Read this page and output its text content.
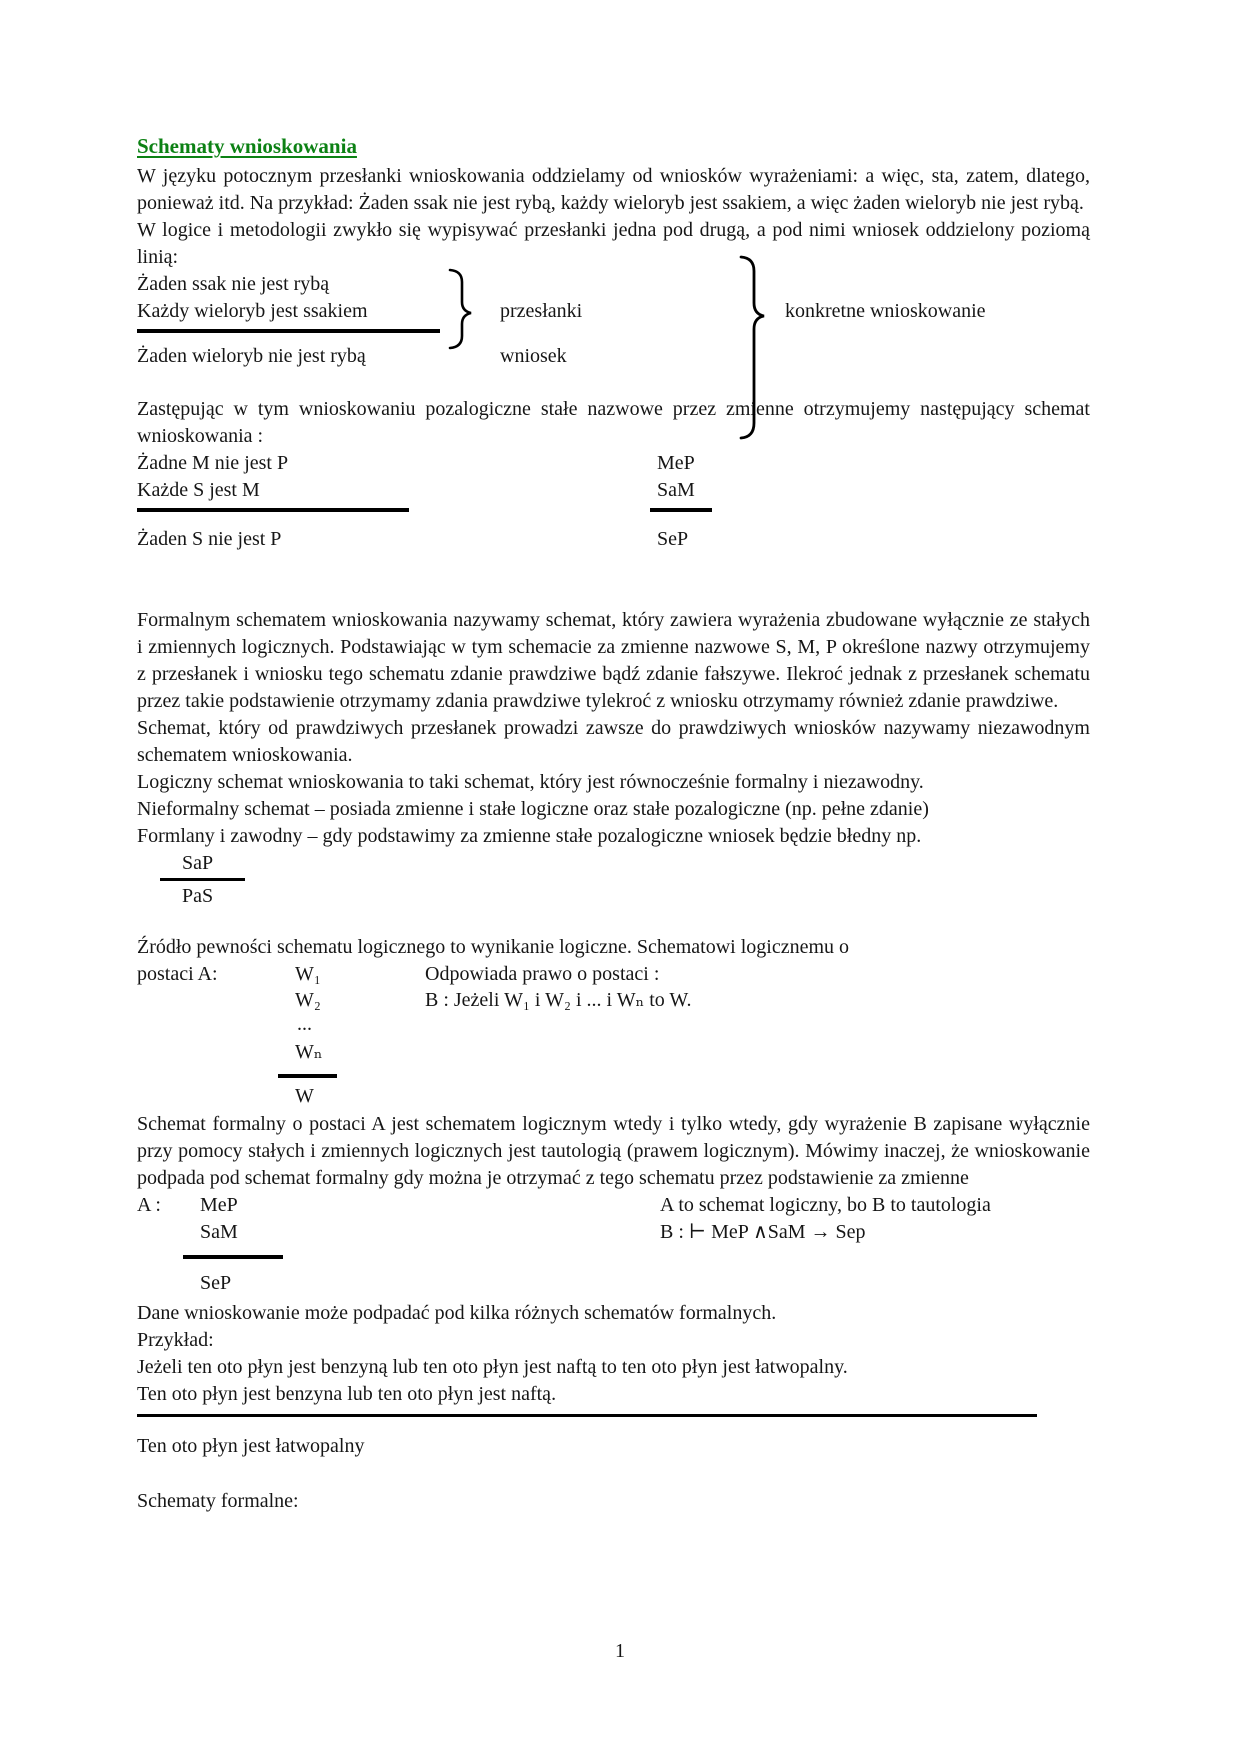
Schematy wnioskowania

W języku potocznym przesłanki wnioskowania oddzielamy od wniosków wyrażeniami: a więc, sta, zatem, dlatego, ponieważ itd. Na przykład: Żaden ssak nie jest rybą, każdy wieloryb jest ssakiem, a więc żaden wieloryb nie jest rybą.

W logice i metodologii zwykło się wypisywać przesłanki jedna pod drugą, a pod nimi wniosek oddzielony poziomą linią:

Żaden ssak nie jest rybą
Każdy wieloryb jest ssakiem
Żaden wieloryb nie jest rybą
przesłanki
wniosek
konkretne wnioskowanie

Zastępując w tym wnioskowaniu pozalogiczne stałe nazwowe przez zmienne otrzymujemy następujący schemat wnioskowania :

Żadne M nie jest P
Każde S jest M
Żaden S nie jest P
MeP
SaM
SeP

Formalnym schematem wnioskowania nazywamy schemat, który zawiera wyrażenia zbudowane wyłącznie ze stałych i zmiennych logicznych. Podstawiając w tym schemacie za zmienne nazwowe S, M, P określone nazwy otrzymujemy z przesłanek i wniosku tego schematu zdanie prawdziwe bądź zdanie fałszywe. Ilekroć jednak z przesłanek schematu przez takie podstawienie otrzymamy zdania prawdziwe tylekroć z wniosku otrzymamy również zdanie prawdziwe.

Schemat, który od prawdziwych przesłanek prowadzi zawsze do prawdziwych wniosków nazywamy niezawodnym schematem wnioskowania.

Logiczny schemat wnioskowania to taki schemat, który jest równocześnie formalny i niezawodny.

Nieformalny schemat – posiada zmienne i stałe logiczne oraz stałe pozalogiczne (np. pełne zdanie)

Formlany i zawodny – gdy podstawimy za zmienne stałe pozalogiczne wniosek będzie błedny np.

SaP
PaS

Źródło pewności schematu logicznego to wynikanie logiczne. Schematowi logicznemu o

postaci A:	W₁
W₂
...
Wₙ
W
Odpowiada prawo o postaci :
B : Jeżeli W₁ i W₂ i ... i Wₙ to W.

Schemat formalny o postaci A jest schematem logicznym wtedy i tylko wtedy, gdy wyrażenie B zapisane wyłącznie przy pomocy stałych i zmiennych logicznych jest tautologią (prawem logicznym). Mówimy inaczej, że wnioskowanie podpada pod schemat formalny gdy można je otrzymać z tego schematu przez podstawienie za zmienne

A : MeP
SaM
SeP
A to schemat logiczny, bo B to tautologia
B : ⊢ MeP ∧SaM → Sep

Dane wnioskowanie może podpadać pod kilka różnych schematów formalnych.

Przykład:

Jeżeli ten oto płyn jest benzyną lub ten oto płyn jest naftą to ten oto płyn jest łatwopalny.

Ten oto płyn jest benzyna lub ten oto płyn jest naftą.

Ten oto płyn jest łatwopalny

Schematy formalne:

1
